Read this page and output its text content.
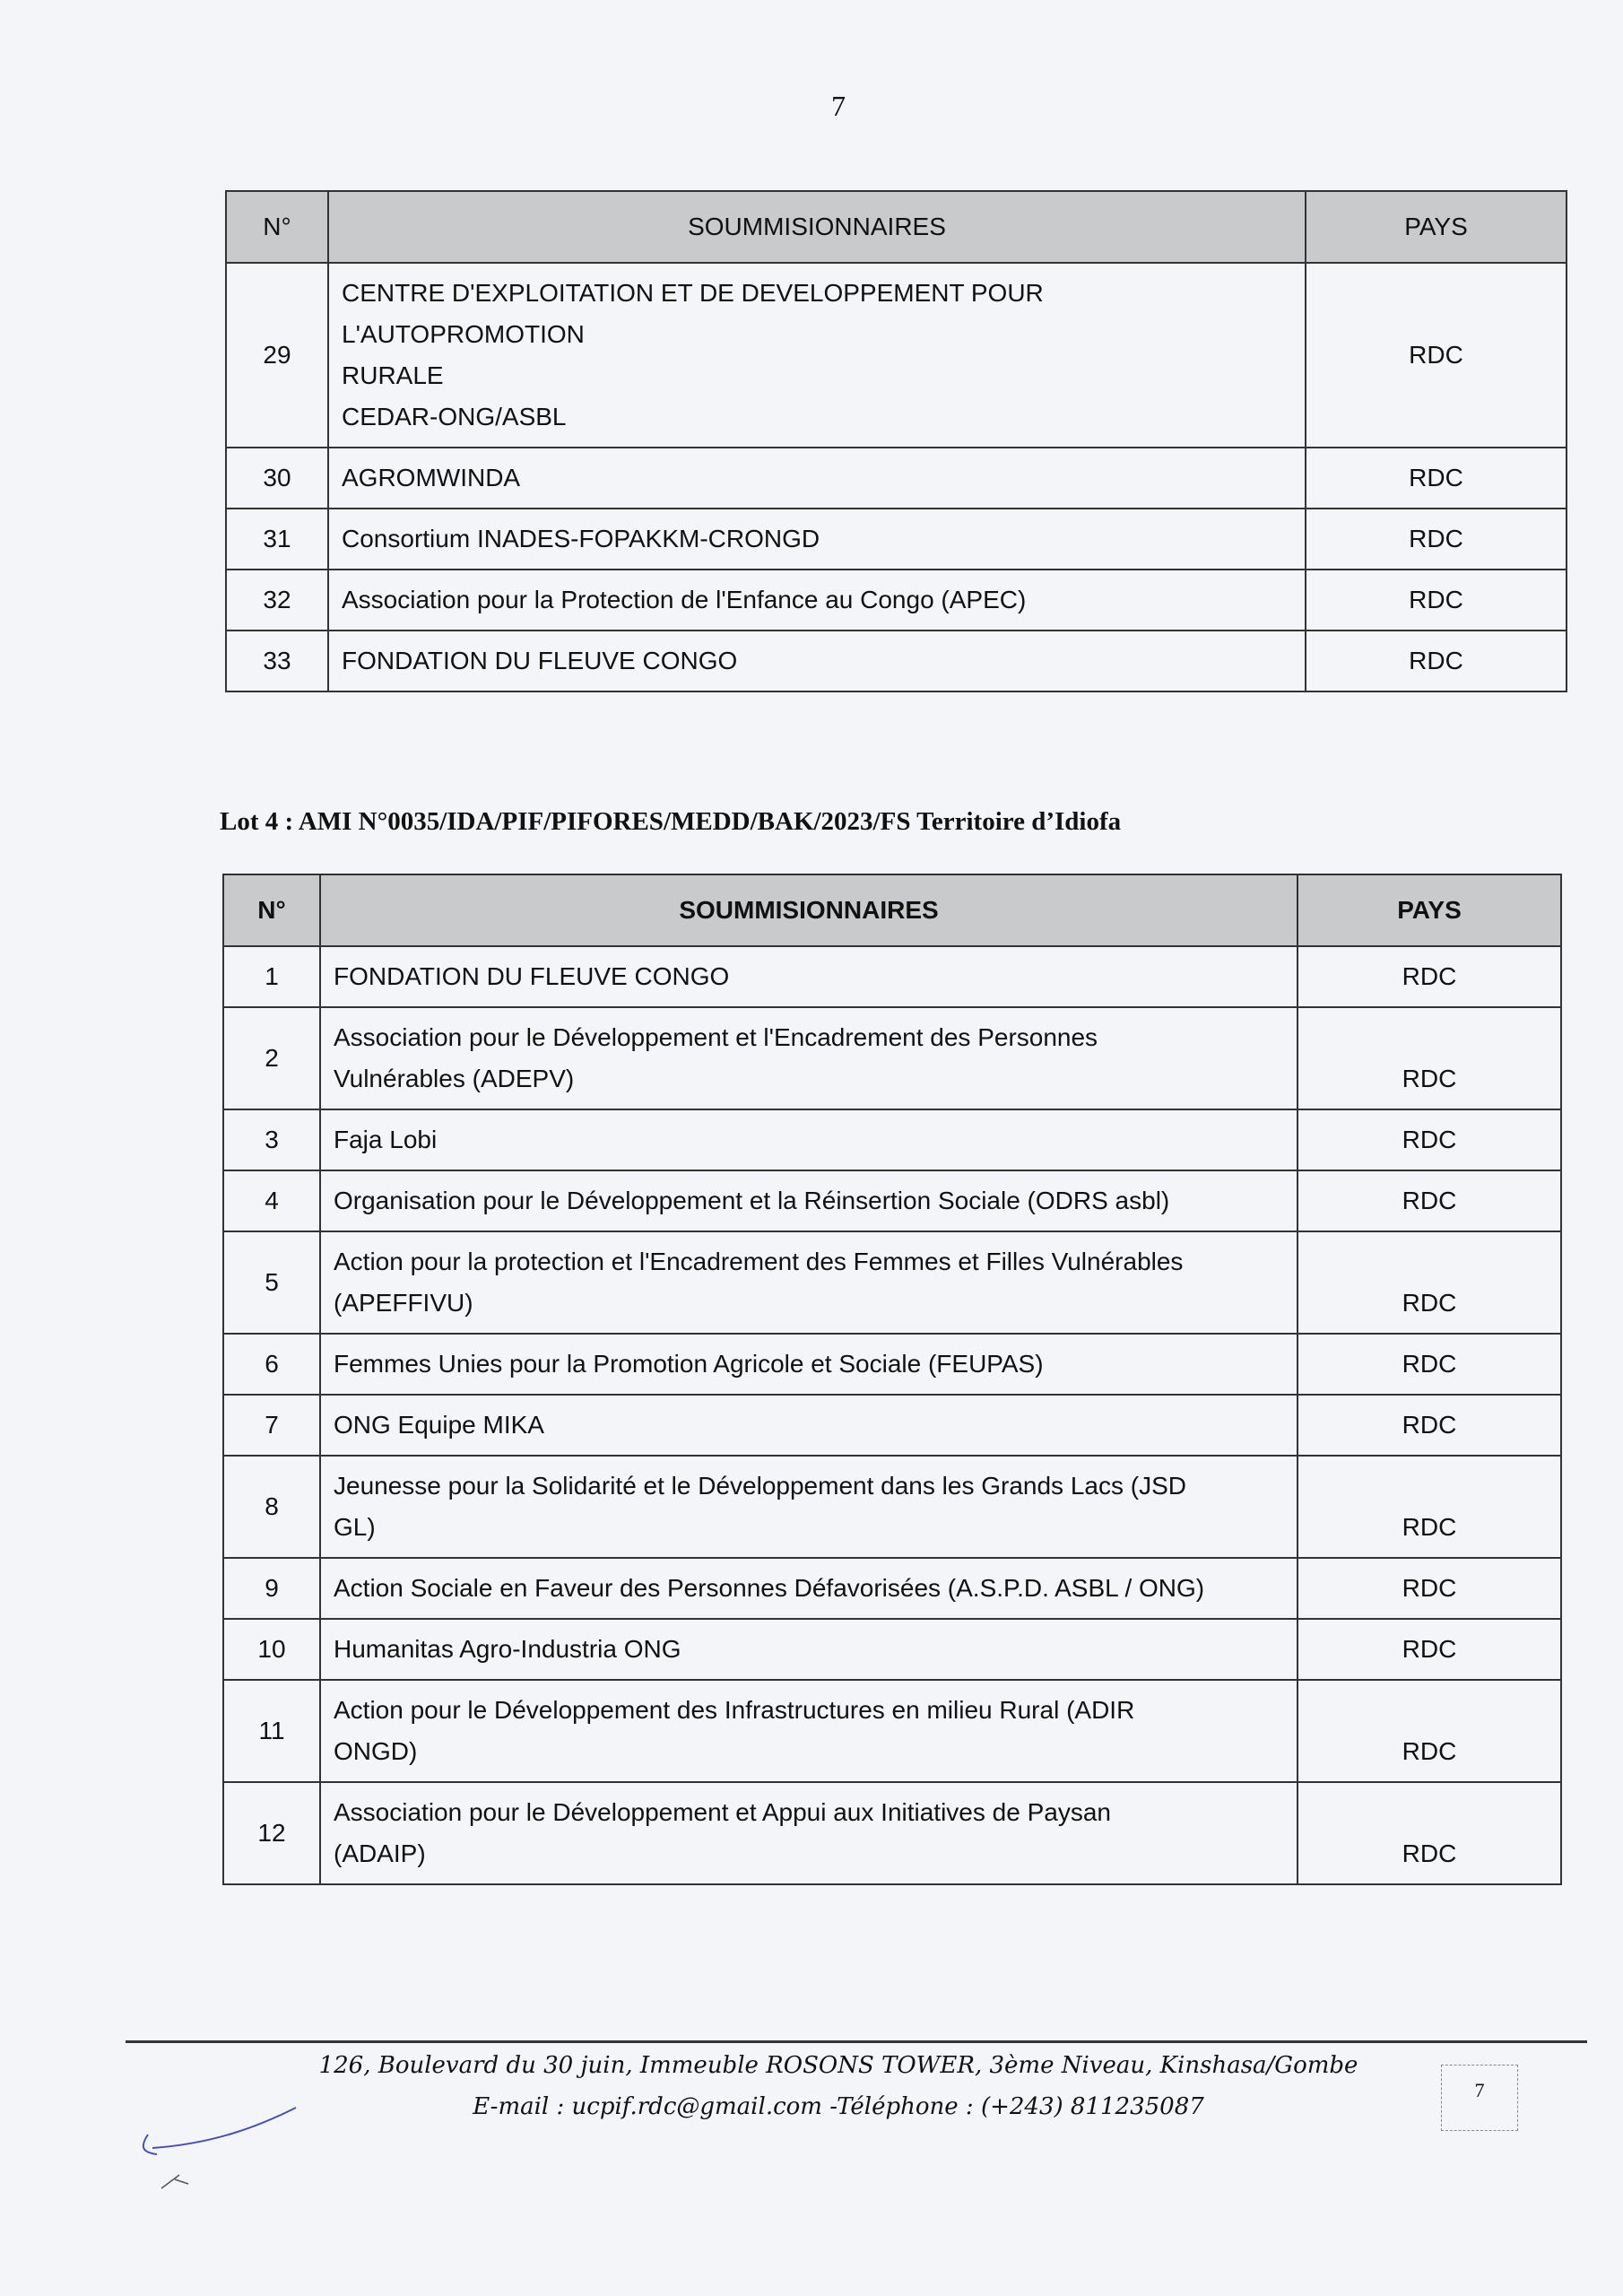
7
N°	SOUMMISIONNAIRES	PAYS
29	CENTRE D'EXPLOITATION ET DE DEVELOPPEMENT POUR L'AUTOPROMOTION
RURALE
CEDAR-ONG/ASBL	RDC
30	AGROMWINDA	RDC
31	Consortium INADES-FOPAKKM-CRONGD	RDC
32	Association pour la Protection de l'Enfance au Congo (APEC)	RDC
33	FONDATION DU FLEUVE CONGO	RDC
Lot 4 : AMI N°0035/IDA/PIF/PIFORES/MEDD/BAK/2023/FS Territoire d’Idiofa
N°	SOUMMISIONNAIRES	PAYS
1	FONDATION DU FLEUVE CONGO	RDC
2	Association pour le Développement et l'Encadrement des Personnes
Vulnérables (ADEPV)	RDC
3	Faja Lobi	RDC
4	Organisation pour le Développement et la Réinsertion Sociale (ODRS asbl)	RDC
5	Action pour la protection et l'Encadrement des Femmes et Filles Vulnérables
(APEFFIVU)	RDC
6	Femmes Unies pour la Promotion Agricole et Sociale (FEUPAS)	RDC
7	ONG Equipe MIKA	RDC
8	Jeunesse pour la Solidarité et le Développement dans les Grands Lacs (JSD
GL)	RDC
9	Action Sociale en Faveur des Personnes Défavorisées (A.S.P.D. ASBL / ONG)	RDC
10	Humanitas Agro-Industria ONG	RDC
11	Action pour le Développement des Infrastructures en milieu Rural (ADIR
ONGD)	RDC
12	Association pour le Développement et Appui aux Initiatives de Paysan
(ADAIP)	RDC
126, Boulevard du 30 juin, Immeuble ROSONS TOWER, 3ème Niveau, Kinshasa/Gombe
E-mail : ucpif.rdc@gmail.com -Téléphone : (+243) 811235087
7
